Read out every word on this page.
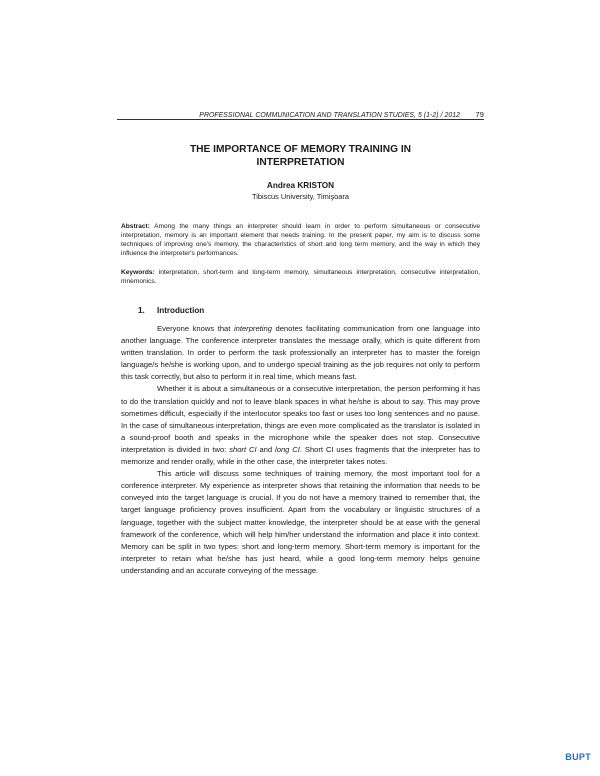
PROFESSIONAL COMMUNICATION AND TRANSLATION STUDIES, 5 (1-2) / 2012 79
THE IMPORTANCE OF MEMORY TRAINING IN
INTERPRETATION
Andrea KRISTON
Tibiscus University, Timişoara
Abstract: Among the many things an interpreter should learn in order to perform simultaneous or consecutive interpretation, memory is an important element that needs training. In the present paper, my aim is to discuss some techniques of improving one's memory, the characteristics of short and long term memory, and the way in which they influence the interpreter's performances.
Keywords: interpretation, short-term and long-term memory, simultaneous interpretation, consecutive interpretation, mnemonics.
1. Introduction

Everyone knows that interpreting denotes facilitating communication from one language into another language. The conference interpreter translates the message orally, which is quite different from written translation. In order to perform the task professionally an interpreter has to master the foreign language/s he/she is working upon, and to undergo special training as the job requires not only to perform this task correctly, but also to perform it in real time, which means fast.

Whether it is about a simultaneous or a consecutive interpretation, the person performing it has to do the translation quickly and not to leave blank spaces in what he/she is about to say. This may prove sometimes difficult, especially if the interlocutor speaks too fast or uses too long sentences and no pause. In the case of simultaneous interpretation, things are even more complicated as the translator is isolated in a sound-proof booth and speaks in the microphone while the speaker does not stop. Consecutive interpretation is divided in two: short CI and long CI. Short CI uses fragments that the interpreter has to memorize and render orally, while in the other case, the interpreter takes notes.

This article will discuss some techniques of training memory, the most important tool for a conference interpreter. My experience as interpreter shows that retaining the information that needs to be conveyed into the target language is crucial. If you do not have a memory trained to remember that, the target language proficiency proves insufficient. Apart from the vocabulary or linguistic structures of a language, together with the subject matter knowledge, the interpreter should be at ease with the general framework of the conference, which will help him/her understand the information and place it into context. Memory can be split in two types: short and long-term memory. Short-term memory is important for the interpreter to retain what he/she has just heard, while a good long-term memory helps genuine understanding and an accurate conveying of the message.

BUPT
